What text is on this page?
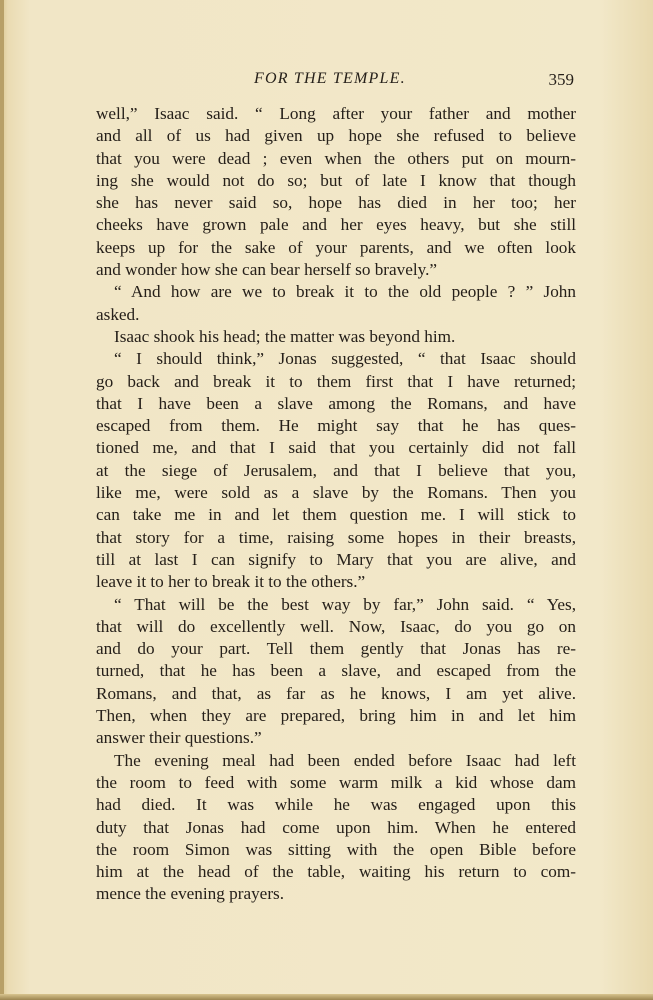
FOR THE TEMPLE.	359
well,” Isaac said. “ Long after your father and mother
and all of us had given up hope she refused to believe
that you were dead ; even when the others put on mourn-
ing she would not do so; but of late I know that though
she has never said so, hope has died in her too; her
cheeks have grown pale and her eyes heavy, but she still
keeps up for the sake of your parents, and we often look
and wonder how she can bear herself so bravely.”
“ And how are we to break it to the old people ? ” John
asked.
Isaac shook his head; the matter was beyond him.
“ I should think,” Jonas suggested, “ that Isaac should
go back and break it to them first that I have returned;
that I have been a slave among the Romans, and have
escaped from them. He might say that he has ques-
tioned me, and that I said that you certainly did not fall
at the siege of Jerusalem, and that I believe that you,
like me, were sold as a slave by the Romans. Then you
can take me in and let them question me. I will stick to
that story for a time, raising some hopes in their breasts,
till at last I can signify to Mary that you are alive, and
leave it to her to break it to the others.”
“ That will be the best way by far,” John said. “ Yes,
that will do excellently well. Now, Isaac, do you go on
and do your part. Tell them gently that Jonas has re-
turned, that he has been a slave, and escaped from the
Romans, and that, as far as he knows, I am yet alive.
Then, when they are prepared, bring him in and let him
answer their questions.”
The evening meal had been ended before Isaac had left
the room to feed with some warm milk a kid whose dam
had died. It was while he was engaged upon this
duty that Jonas had come upon him. When he entered
the room Simon was sitting with the open Bible before
him at the head of the table, waiting his return to com-
mence the evening prayers.
